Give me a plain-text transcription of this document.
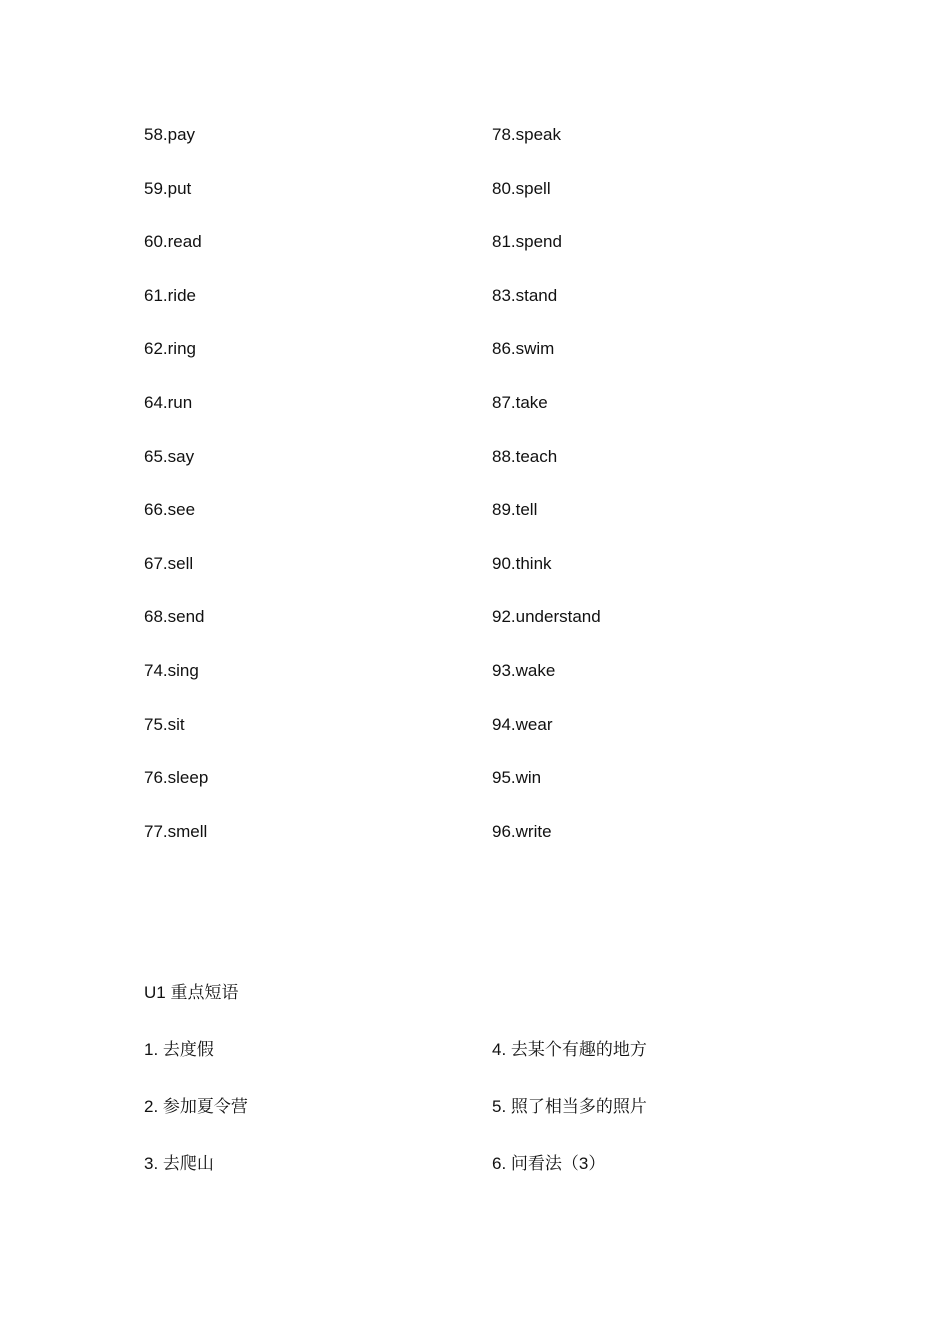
58.pay
59.put
60.read
61.ride
62.ring
64.run
65.say
66.see
67.sell
68.send
74.sing
75.sit
76.sleep
77.smell
78.speak
80.spell
81.spend
83.stand
86.swim
87.take
88.teach
89.tell
90.think
92.understand
93.wake
94.wear
95.win
96.write
U1 重点短语
1. 去度假
2. 参加夏令营
3. 去爬山
4. 去某个有趣的地方
5. 照了相当多的照片
6. 问看法（3）
